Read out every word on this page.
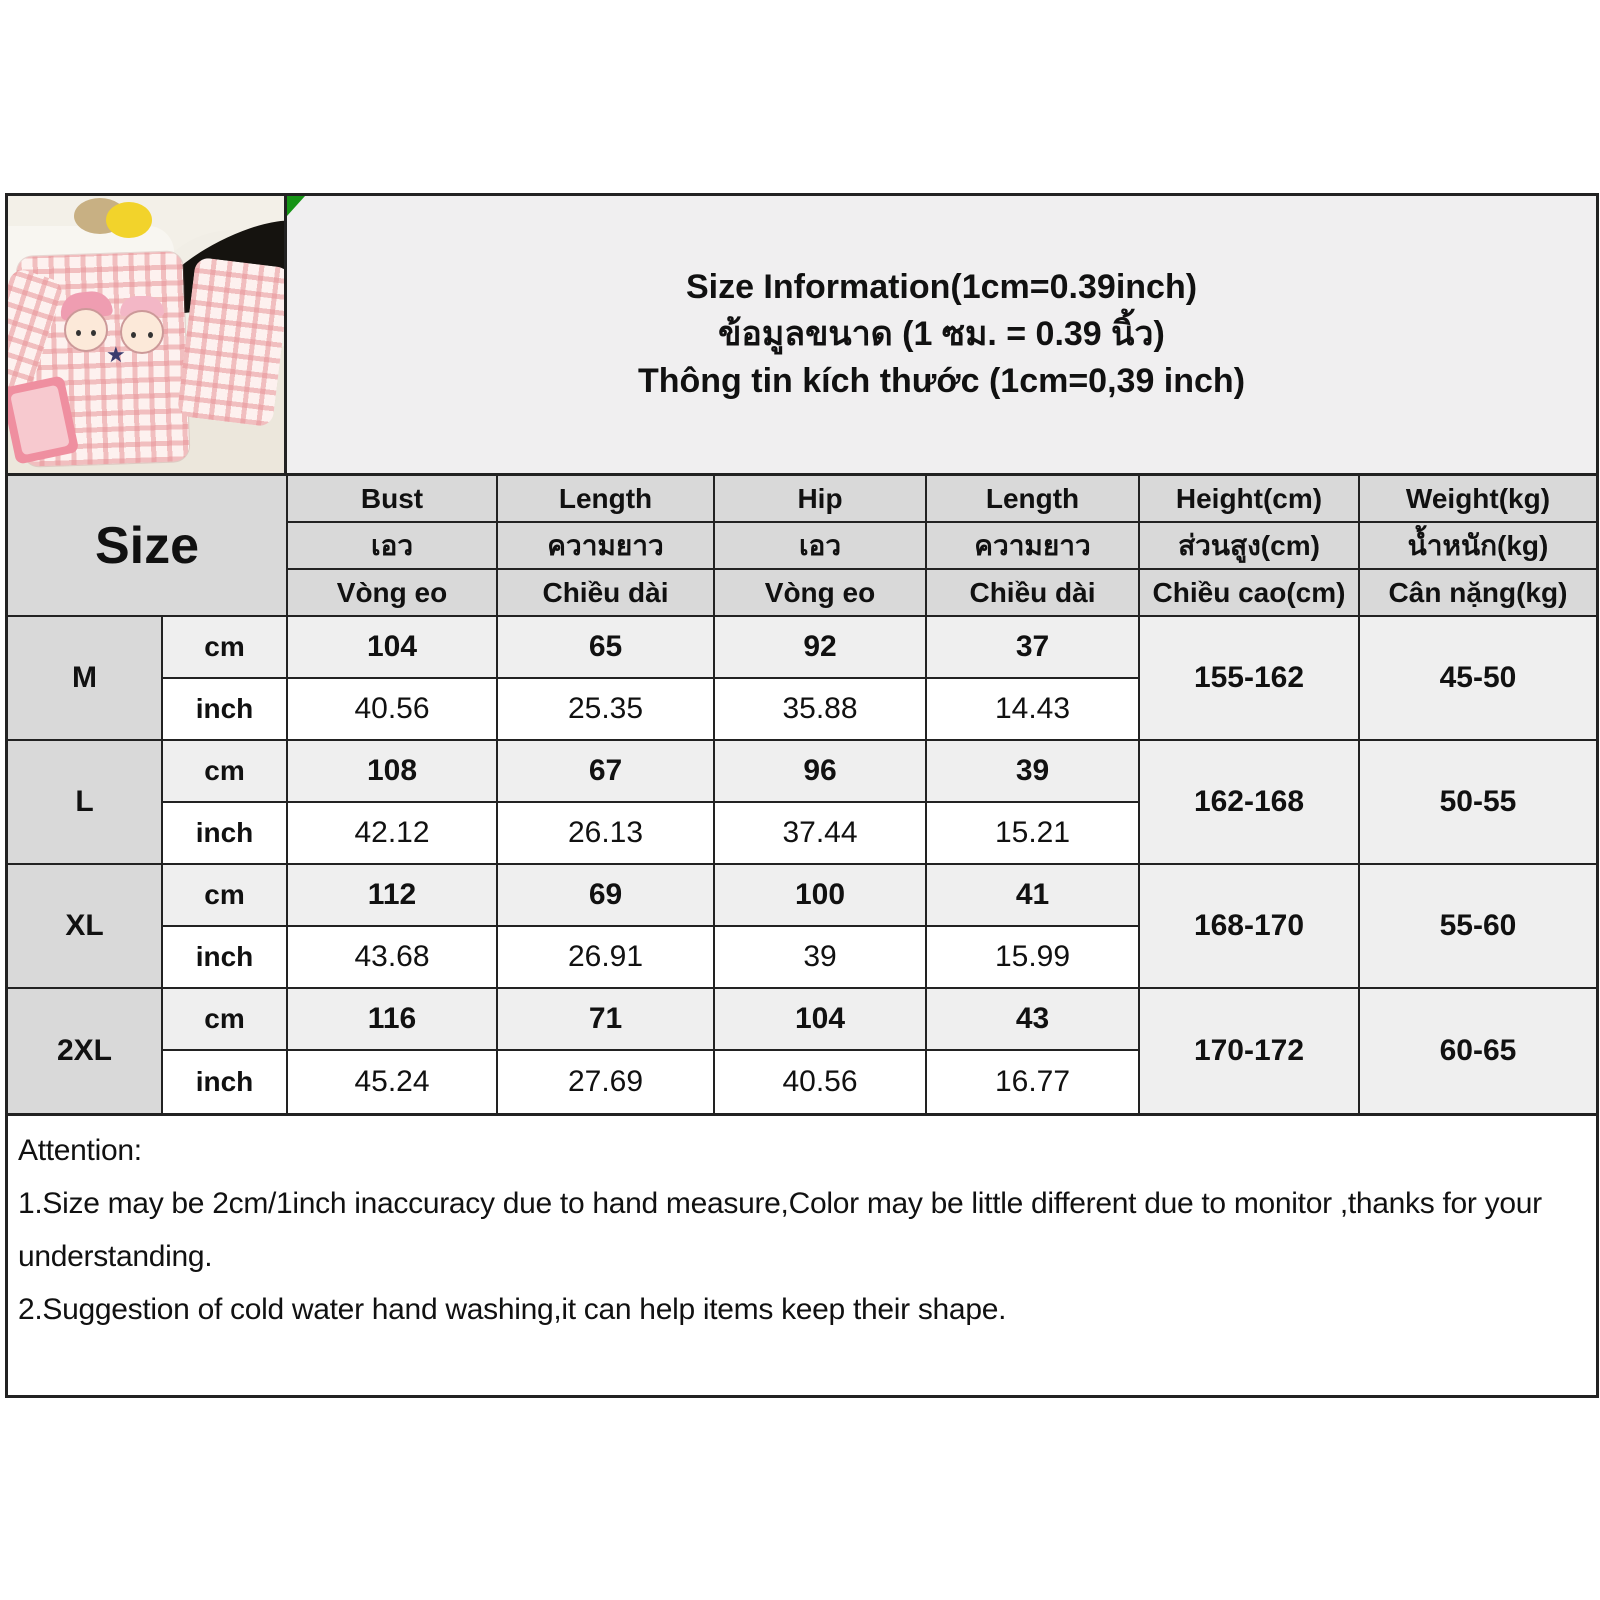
★
Size Information(1cm=0.39inch)
ข้อมูลขนาด (1 ซม. = 0.39 นิ้ว)
Thông tin kích thước (1cm=0,39 inch)
Size
Bust	Length	Hip	Length	Height(cm)	Weight(kg)
เอว	ความยาว	เอว	ความยาว	ส่วนสูง(cm)	น้ำหนัก(kg)
Vòng eo	Chiều dài	Vòng eo	Chiều dài	Chiều cao(cm)	Cân nặng(kg)
M
cm	104	65	92	37
inch	40.56	25.35	35.88	14.43
155-162	45-50
L
cm	108	67	96	39
inch	42.12	26.13	37.44	15.21
162-168	50-55
XL
cm	112	69	100	41
inch	43.68	26.91	39	15.99
168-170	55-60
2XL
cm	116	71	104	43
inch	45.24	27.69	40.56	16.77
170-172	60-65
Attention:
1.Size may be 2cm/1inch inaccuracy due to hand measure,Color may be little different due to monitor ,thanks for your understanding.
2.Suggestion of cold water hand washing,it can help items keep their shape.
